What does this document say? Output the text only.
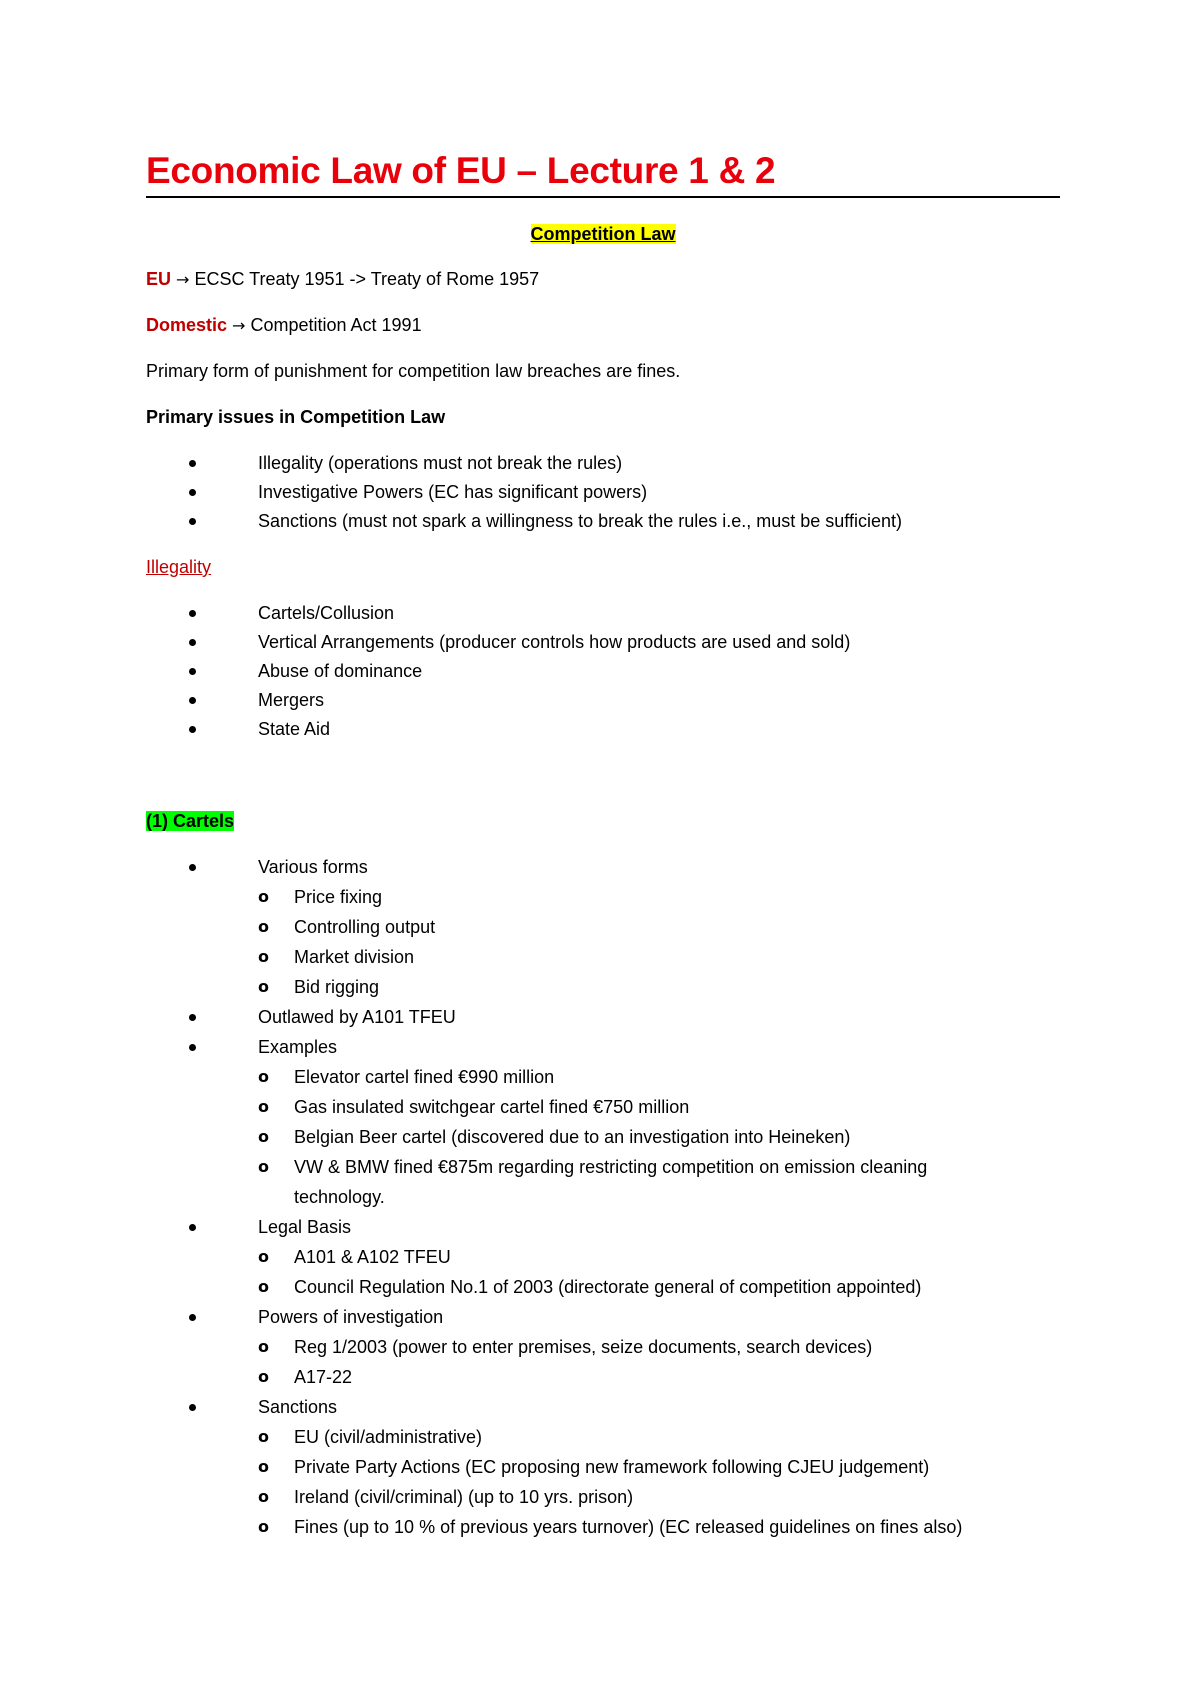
Economic Law of EU – Lecture 1 & 2
Competition Law
EU → ECSC Treaty 1951 -> Treaty of Rome 1957
Domestic → Competition Act 1991
Primary form of punishment for competition law breaches are fines.
Primary issues in Competition Law
Illegality (operations must not break the rules)
Investigative Powers (EC has significant powers)
Sanctions (must not spark a willingness to break the rules i.e., must be sufficient)
Illegality
Cartels/Collusion
Vertical Arrangements (producer controls how products are used and sold)
Abuse of dominance
Mergers
State Aid
(1) Cartels
Various forms
o Price fixing
o Controlling output
o Market division
o Bid rigging
Outlawed by A101 TFEU
Examples
o Elevator cartel fined €990 million
o Gas insulated switchgear cartel fined €750 million
o Belgian Beer cartel (discovered due to an investigation into Heineken)
o VW & BMW fined €875m regarding restricting competition on emission cleaning
technology.
Legal Basis
o A101 & A102 TFEU
o Council Regulation No.1 of 2003 (directorate general of competition appointed)
Powers of investigation
o Reg 1/2003 (power to enter premises, seize documents, search devices)
o A17-22
Sanctions
o EU (civil/administrative)
o Private Party Actions (EC proposing new framework following CJEU judgement)
o Ireland (civil/criminal) (up to 10 yrs. prison)
o Fines (up to 10 % of previous years turnover) (EC released guidelines on fines also)
